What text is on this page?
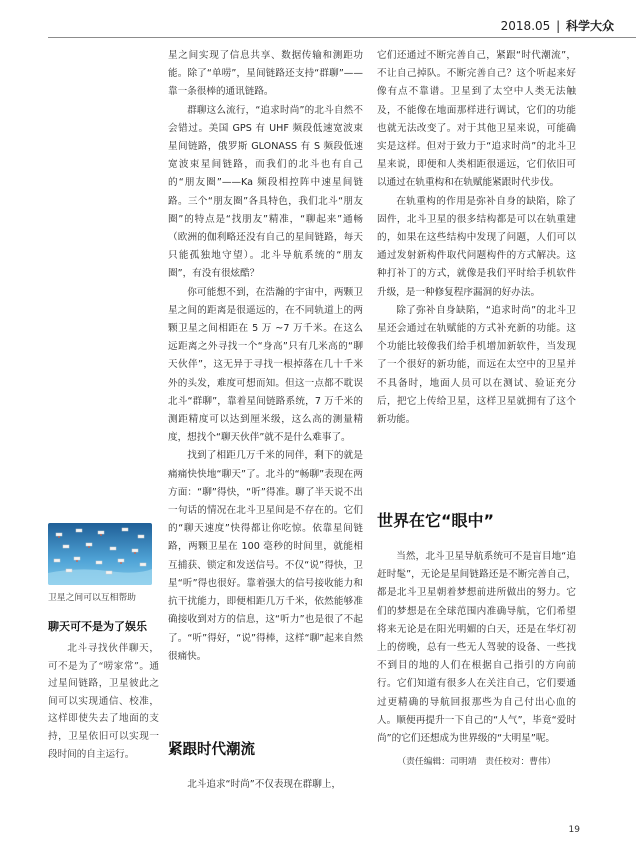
2018.05 | 科学大众

星之间实现了信息共享、数据传输和测距功能。除了“单唠”，星间链路还支持“群聊”——靠一条很棒的通讯链路。

群聊这么流行，“追求时尚”的北斗自然不会错过。美国 GPS 有 UHF 频段低速宽波束星间链路，俄罗斯 GLONASS 有 S 频段低速宽波束星间链路，而我们的北斗也有自己的“朋友圈”——Ka 频段相控阵中速星间链路。三个“朋友圈”各具特色，我们北斗“朋友圈”的特点是“找朋友”精准，“聊起来”通畅（欧洲的伽利略还没有自己的星间链路，每天只能孤独地守望）。北斗导航系统的“朋友圈”，有没有很炫酷？

你可能想不到，在浩瀚的宇宙中，两颗卫星之间的距离是很遥远的，在不同轨道上的两颗卫星之间相距在 5 万 ~7 万千米。在这么远距离之外寻找一个“身高”只有几米高的“聊天伙伴”，这无异于寻找一根掉落在几十千米外的头发，难度可想而知。但这一点都不耽误北斗“群聊”，靠着星间链路系统，7 万千米的测距精度可以达到厘米级，这么高的测量精度，想找个“聊天伙伴”就不是什么难事了。

找到了相距几万千米的同伴，剩下的就是痛痛快快地“聊天”了。北斗的“畅聊”表现在两方面：“聊”得快，“听”得准。聊了半天说不出一句话的情况在北斗卫星间是不存在的。它们的“聊天速度”快得都让你吃惊。依靠星间链路，两颗卫星在 100 毫秒的时间里，就能相互捕获、锁定和发送信号。不仅“说”得快，卫星“听”得也很好。靠着强大的信号接收能力和抗干扰能力，即便相距几万千米，依然能够准确接收到对方的信息，这“听力”也是很了不起了。“听”得好，“说”得棒，这样“聊”起来自然很痛快。

紧跟时代潮流

北斗追求“时尚”不仅表现在群聊上，

它们还通过不断完善自己，紧跟“时代潮流”，不让自己掉队。不断完善自己？这个听起来好像有点不靠谱。卫星到了太空中人类无法触及，不能像在地面那样进行调试，它们的功能也就无法改变了。对于其他卫星来说，可能确实是这样。但对于致力于“追求时尚”的北斗卫星来说，即便和人类相距很遥远，它们依旧可以通过在轨重构和在轨赋能紧跟时代步伐。

在轨重构的作用是弥补自身的缺陷，除了固件，北斗卫星的很多结构都是可以在轨重建的，如果在这些结构中发现了问题，人们可以通过发射新构件取代问题构件的方式解决。这种打补丁的方式，就像是我们平时给手机软件升级，是一种修复程序漏洞的好办法。

除了弥补自身缺陷，“追求时尚”的北斗卫星还会通过在轨赋能的方式补充新的功能。这个功能比较像我们给手机增加新软件，当发现了一个很好的新功能，而远在太空中的卫星并不具备时，地面人员可以在测试、验证充分后，把它上传给卫星，这样卫星就拥有了这个新功能。

世界在它“眼中”

当然，北斗卫星导航系统可不是盲目地“追赶时髦”，无论是星间链路还是不断完善自己，都是北斗卫星朝着梦想前进所做出的努力。它们的梦想是在全球范围内准确导航，它们希望将来无论是在阳光明媚的白天，还是在华灯初上的傍晚，总有一些无人驾驶的设备、一些找不到目的地的人们在根据自己指引的方向前行。它们知道有很多人在关注自己，它们要通过更精确的导航回报那些为自己付出心血的人。顺便再提升一下自己的“人气”，毕竟“爱时尚”的它们还想成为世界级的“大明星”呢。

（责任编辑：司明靖　责任校对：曹伟）
卫星之间可以互相帮助
聊天可不是为了娱乐

北斗寻找伙伴聊天，可不是为了“唠家常”。通过星间链路，卫星彼此之间可以实现通信、校准，这样即使失去了地面的支持，卫星依旧可以实现一段时间的自主运行。

19
